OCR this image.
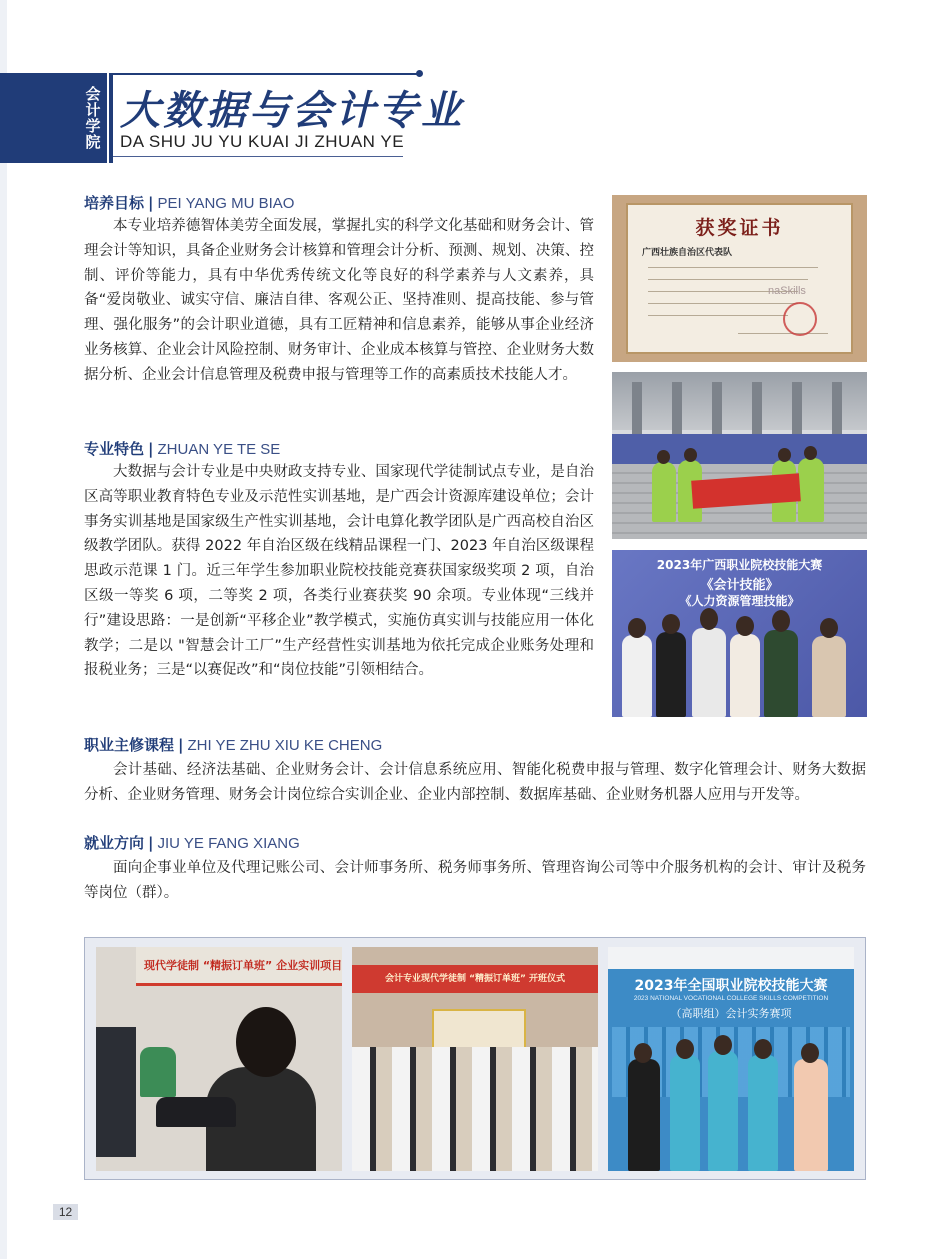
会计学院 大数据与会计专业
DA SHU JU YU KUAI JI ZHUAN YE
培养目标 | PEI YANG MU BIAO

本专业培养德智体美劳全面发展，掌握扎实的科学文化基础和财务会计、管理会计等知识，具备企业财务会计核算和管理会计分析、预测、规划、决策、控制、评价等能力，具有中华优秀传统文化等良好的科学素养与人文素养，具备“爱岗敬业、诚实守信、廉洁自律、客观公正、坚持准则、提高技能、参与管理、强化服务”的会计职业道德，具有工匠精神和信息素养，能够从事企业经济业务核算、企业会计风险控制、财务审计、企业成本核算与管控、企业财务大数据分析、企业会计信息管理及税费申报与管理等工作的高素质技术技能人才。

专业特色 | ZHUAN YE TE SE

大数据与会计专业是中央财政支持专业、国家现代学徒制试点专业，是自治区高等职业教育特色专业及示范性实训基地，是广西会计资源库建设单位；会计事务实训基地是国家级生产性实训基地，会计电算化教学团队是广西高校自治区级教学团队。获得 2022 年自治区级在线精品课程一门、2023 年自治区级课程思政示范课 1 门。近三年学生参加职业院校技能竞赛获国家级奖项 2 项，自治区级一等奖 6 项，二等奖 2 项，各类行业赛获奖 90 余项。专业体现“三线并行”建设思路：一是创新“平移企业”教学模式，实施仿真实训与技能应用一体化教学；二是以 "智慧会计工厂”生产经营性实训基地为依托完成企业账务处理和报税业务；三是“以赛促改”和“岗位技能”引领相结合。

职业主修课程 | ZHI YE ZHU XIU KE CHENG

会计基础、经济法基础、企业财务会计、会计信息系统应用、智能化税费申报与管理、数字化管理会计、财务大数据分析、企业财务管理、财务会计岗位综合实训企业、企业内部控制、数据库基础、企业财务机器人应用与开发等。

就业方向 | JIU YE FANG XIANG

面向企事业单位及代理记账公司、会计师事务所、税务师事务所、管理咨询公司等中介服务机构的会计、审计及税务等岗位（群）。

获奖证书
广西壮族自治区代表队
naSkills
2023年广西职业院校技能大赛
《会计技能》
《人力资源管理技能》
现代学徒制 “精振订单班” 企业实训项目
会计专业现代学徒制 “精振订单班” 开班仪式	2023年全国职业院校技能大赛
2023 NATIONAL VOCATIONAL COLLEGE SKILLS COMPETITION
（高职组）会计实务赛项
12
